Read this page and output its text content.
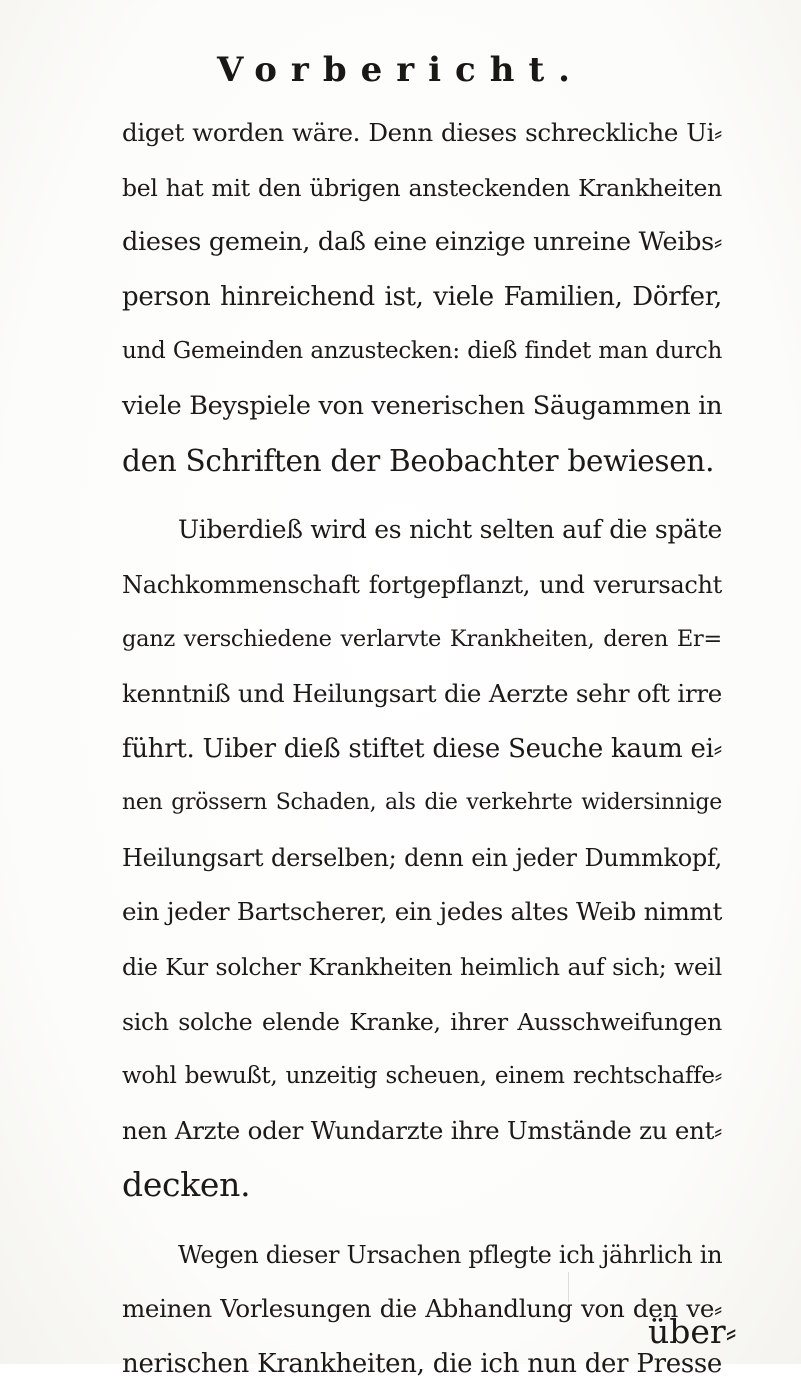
Vorbericht.
diget worden wäre. Denn dieses schreckliche Ui⸗
bel hat mit den übrigen ansteckenden Krankheiten
dieses gemein, daß eine einzige unreine Weibs⸗
person hinreichend ist, viele Familien, Dörfer,
und Gemeinden anzustecken: dieß findet man durch
viele Beyspiele von venerischen Säugammen in
den Schriften der Beobachter bewiesen.
Uiberdieß wird es nicht selten auf die späte
Nachkommenschaft fortgepflanzt, und verursacht
ganz verschiedene verlarvte Krankheiten, deren Er=
kenntniß und Heilungsart die Aerzte sehr oft irre
führt. Uiber dieß stiftet diese Seuche kaum ei⸗
nen grössern Schaden, als die verkehrte widersinnige
Heilungsart derselben; denn ein jeder Dummkopf,
ein jeder Bartscherer, ein jedes altes Weib nimmt
die Kur solcher Krankheiten heimlich auf sich; weil
sich solche elende Kranke, ihrer Ausschweifungen
wohl bewußt, unzeitig scheuen, einem rechtschaffe⸗
nen Arzte oder Wundarzte ihre Umstände zu ent⸗
decken.
Wegen dieser Ursachen pflegte ich jährlich in
meinen Vorlesungen die Abhandlung von den ve⸗
nerischen Krankheiten, die ich nun der Presse
über⸗
